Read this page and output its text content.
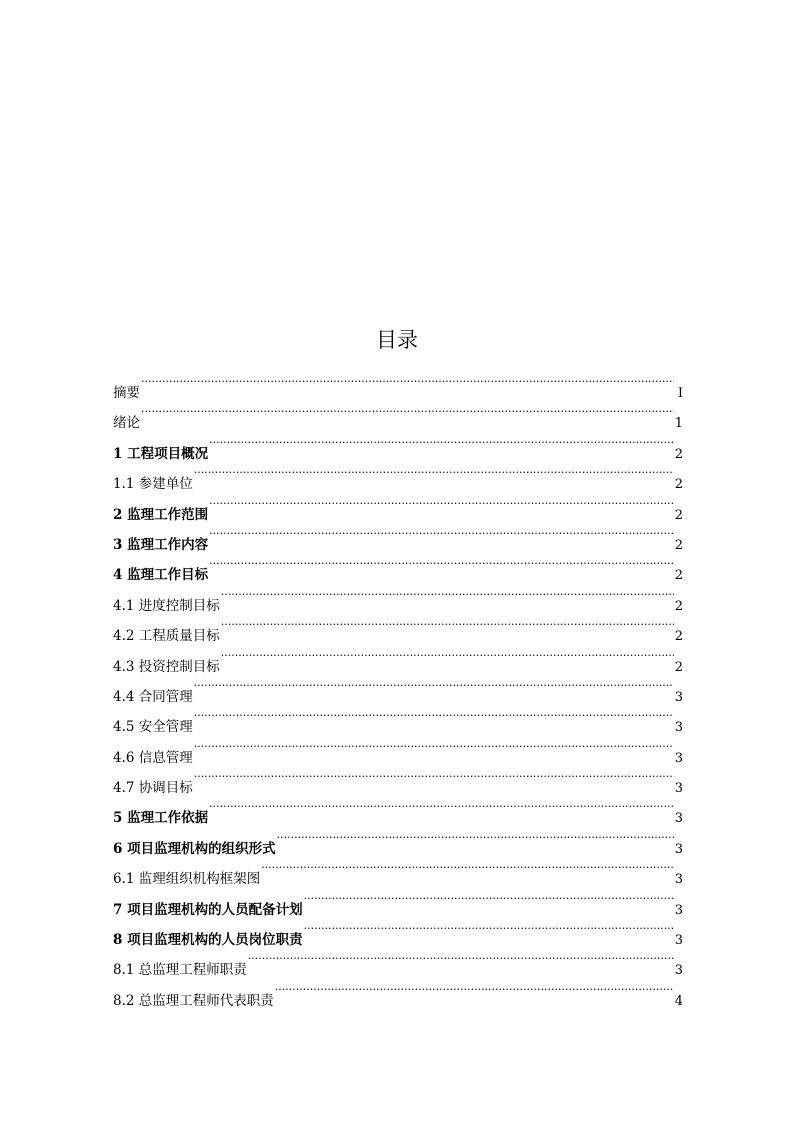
目录
摘要 ·····	I
绪论 ·····	1
1 工程项目概况 ·····	2
1.1 参建单位 ·····	2
2 监理工作范围 ·····	2
3 监理工作内容 ·····	2
4 监理工作目标 ·····	2
4.1 进度控制目标 ·····	2
4.2 工程质量目标 ·····	2
4.3 投资控制目标 ·····	2
4.4 合同管理 ·····	3
4.5 安全管理 ·····	3
4.6 信息管理 ·····	3
4.7 协调目标 ·····	3
5 监理工作依据 ·····	3
6 项目监理机构的组织形式 ·····	3
6.1 监理组织机构框架图 ·····	3
7 项目监理机构的人员配备计划 ·····	3
8 项目监理机构的人员岗位职责 ·····	3
8.1 总监理工程师职责 ·····	3
8.2 总监理工程师代表职责 ·····	4
